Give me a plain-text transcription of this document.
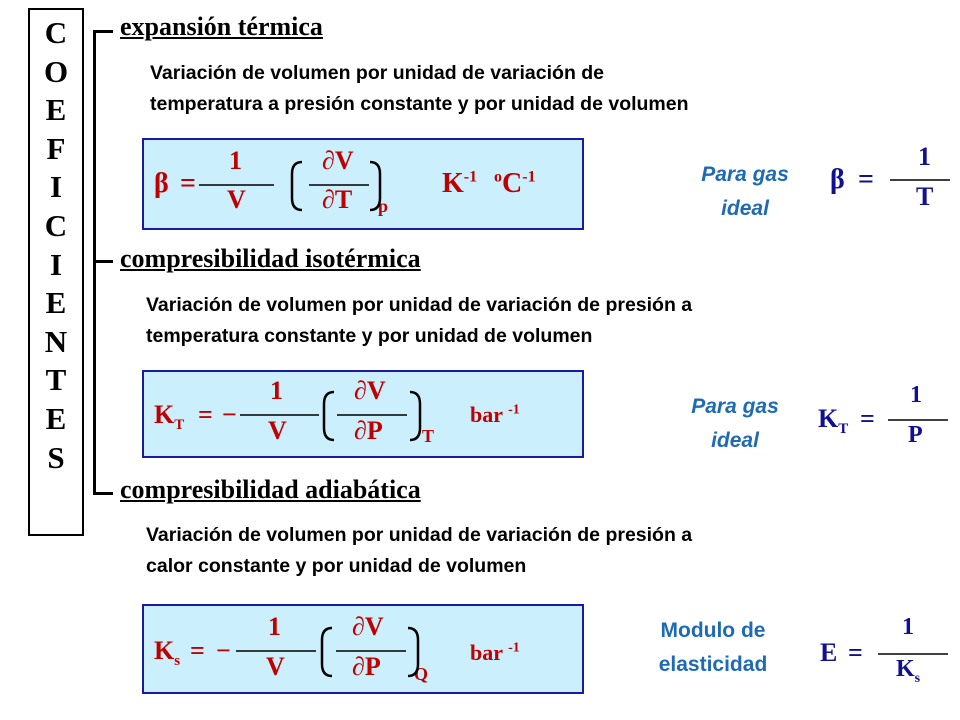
C
O
E
F
I
C
I
E
N
T
E
S
expansión térmica
Variación de volumen por unidad de variación de
temperatura a presión constante y por unidad de volumen
β =
1
V
∂V
∂T p
$K^{-1}$ $^oC^{-1}$	Para gas
ideal
β =
1
T
compresibilidad isotérmica
Variación de volumen por unidad de variación de presión a
temperatura constante y por unidad de volumen
$K_T$ = −
1
V
∂V
∂P T
bar $^{-1}$	Para gas
ideal
$K_T$ =
1
P
compresibilidad adiabática
Variación de volumen por unidad de variación de presión a
calor constante y por unidad de volumen
$K_s$ = −
1
V
∂V
∂P Q
bar $^{-1}$
Modulo de
elasticidad	E =
1
$K_s$
